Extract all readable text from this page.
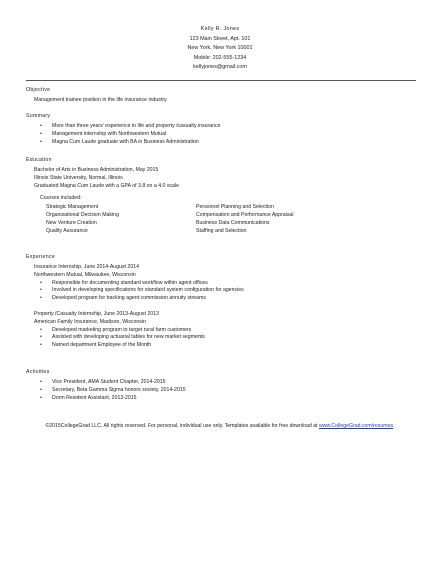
Kelly R. Jones
123 Main Street, Apt. 101
New York, New York 10001
Mobile: 202-555-1234
kellyjones@gmail.com
Objective
Management trainee position in the life insurance industry.
Summary
• More than three years' experience in life and property /casualty insurance
• Management internship with Northwestern Mutual
• Magna Cum Laude graduate with BA in Business Administration
Education
Bachelor of Arts in Business Administration, May 2015
Illinois State University, Normal, Illinois
Graduated Magna Cum Laude with a GPA of 3.8 on a 4.0 scale
Courses included:
Strategic Management	Personnel Planning and Selection
Organizational Decision Making	Compensation and Performance Appraisal
New Venture Creation	Business Data Communications
Quality Assurance	Staffing and Selection
Experience
Insurance Internship, June 2014-August 2014
Northwestern Mutual, Milwaukee, Wisconsin
• Responsible for documenting standard workflow within agent offices
• Involved in developing specifications for standard system configuration for agencies
• Developed program for tracking agent commission annuity streams
Property /Casualty Internship, June 2013-August 2013
American Family Insurance, Madison, Wisconsin
• Developed marketing program to target rural farm customers
• Assisted with developing actuarial tables for new market segments
• Named department Employee of the Month
Activities
• Vice President, AMA Student Chapter, 2014-2015
• Secretary, Beta Gamma Sigma honors society, 2014-2015
• Dorm Resident Assistant, 2013-2015
©2015CollegeGrad LLC. All rights reserved. For personal, individual use only. Templates available for free download at www.CollegeGrad.com/resumes.
